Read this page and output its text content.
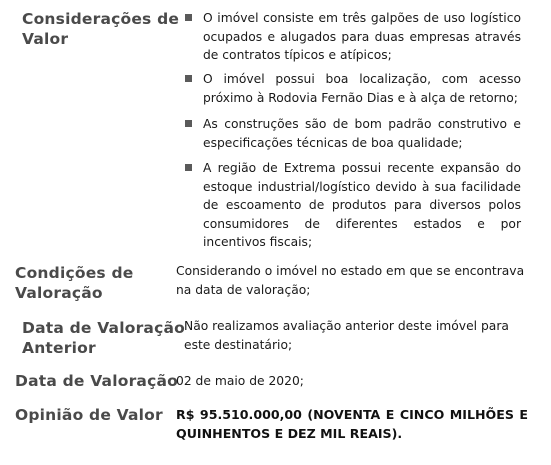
Considerações de
Valor
O imóvel consiste em três galpões de uso logístico ocupados e alugados para duas empresas através de contratos típicos e atípicos;
O imóvel possui boa localização, com acesso próximo à Rodovia Fernão Dias e à alça de retorno;
As construções são de bom padrão construtivo e especificações técnicas de boa qualidade;
A região de Extrema possui recente expansão do estoque industrial/logístico devido à sua facilidade de escoamento de produtos para diversos polos consumidores de diferentes estados e por incentivos fiscais;
Condições de
Valoração
Considerando o imóvel no estado em que se encontrava na data de valoração;
Data de Valoração
Anterior
Não realizamos avaliação anterior deste imóvel para este destinatário;
Data de Valoração
02 de maio de 2020;
Opinião de Valor R$ 95.510.000,00 (NOVENTA E CINCO MILHÕES E QUINHENTOS E DEZ MIL REAIS).
